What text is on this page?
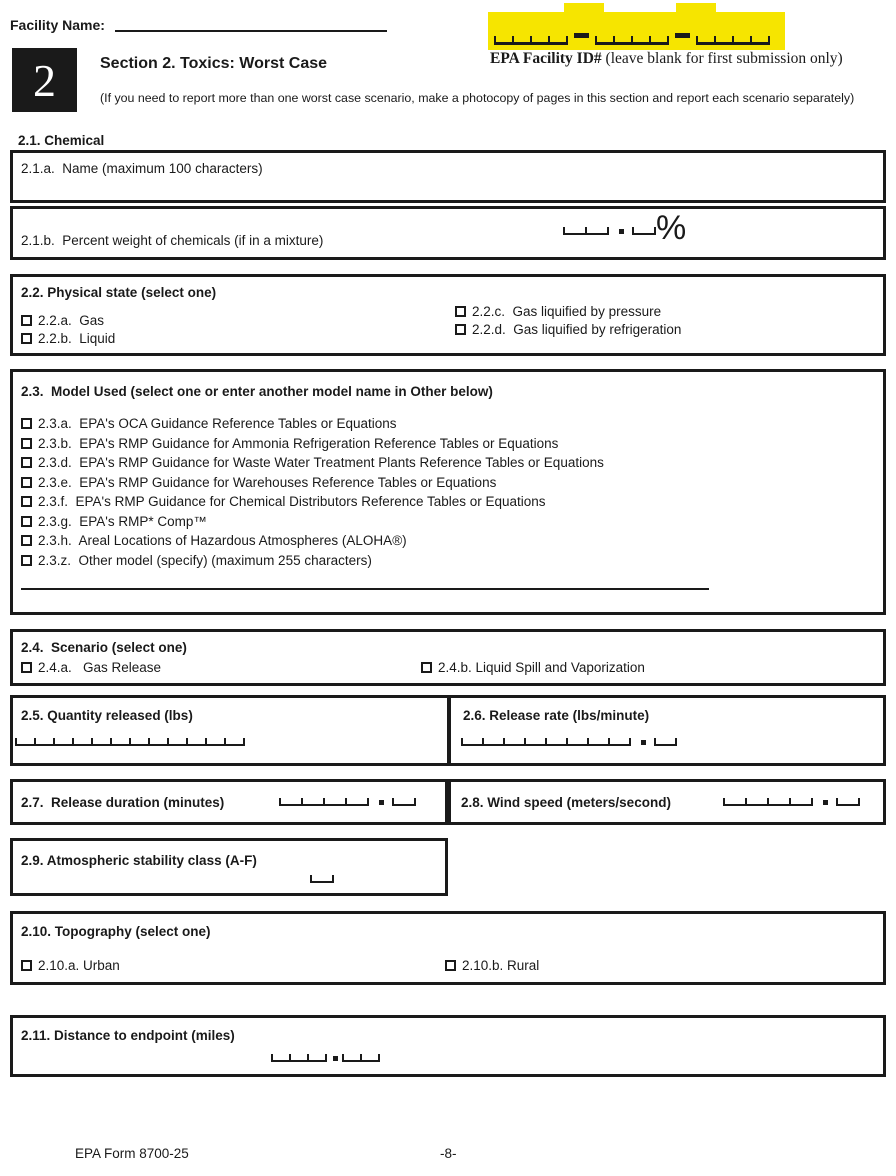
Facility Name:
EPA Facility ID# (leave blank for first submission only)
2	Section 2. Toxics: Worst Case
(If you need to report more than one worst case scenario, make a photocopy of pages in this section and report each scenario separately)
2.1. Chemical
2.1.a.  Name (maximum 100 characters)
2.1.b.  Percent weight of chemicals (if in a mixture)	%
2.2. Physical state (select one)
2.2.a.  Gas
2.2.b.  Liquid
2.2.c.  Gas liquified by pressure
2.2.d.  Gas liquified by refrigeration
2.3.  Model Used (select one or enter another model name in Other below)
2.3.a.  EPA's OCA Guidance Reference Tables or Equations
2.3.b.  EPA's RMP Guidance for Ammonia Refrigeration Reference Tables or Equations
2.3.d.  EPA's RMP Guidance for Waste Water Treatment Plants Reference Tables or Equations
2.3.e.  EPA's RMP Guidance for Warehouses Reference Tables or Equations
2.3.f.  EPA's RMP Guidance for Chemical Distributors Reference Tables or Equations
2.3.g.  EPA's RMP* Comp™
2.3.h.  Areal Locations of Hazardous Atmospheres (ALOHA®)
2.3.z.  Other model (specify) (maximum 255 characters)
2.4.  Scenario (select one)
2.4.a.   Gas Release	2.4.b. Liquid Spill and Vaporization
2.5. Quantity released (lbs)	2.6. Release rate (lbs/minute)
2.7.  Release duration (minutes)	2.8. Wind speed (meters/second)
2.9. Atmospheric stability class (A-F)
2.10. Topography (select one)
2.10.a. Urban	2.10.b. Rural
2.11. Distance to endpoint (miles)
EPA Form 8700-25	-8-
